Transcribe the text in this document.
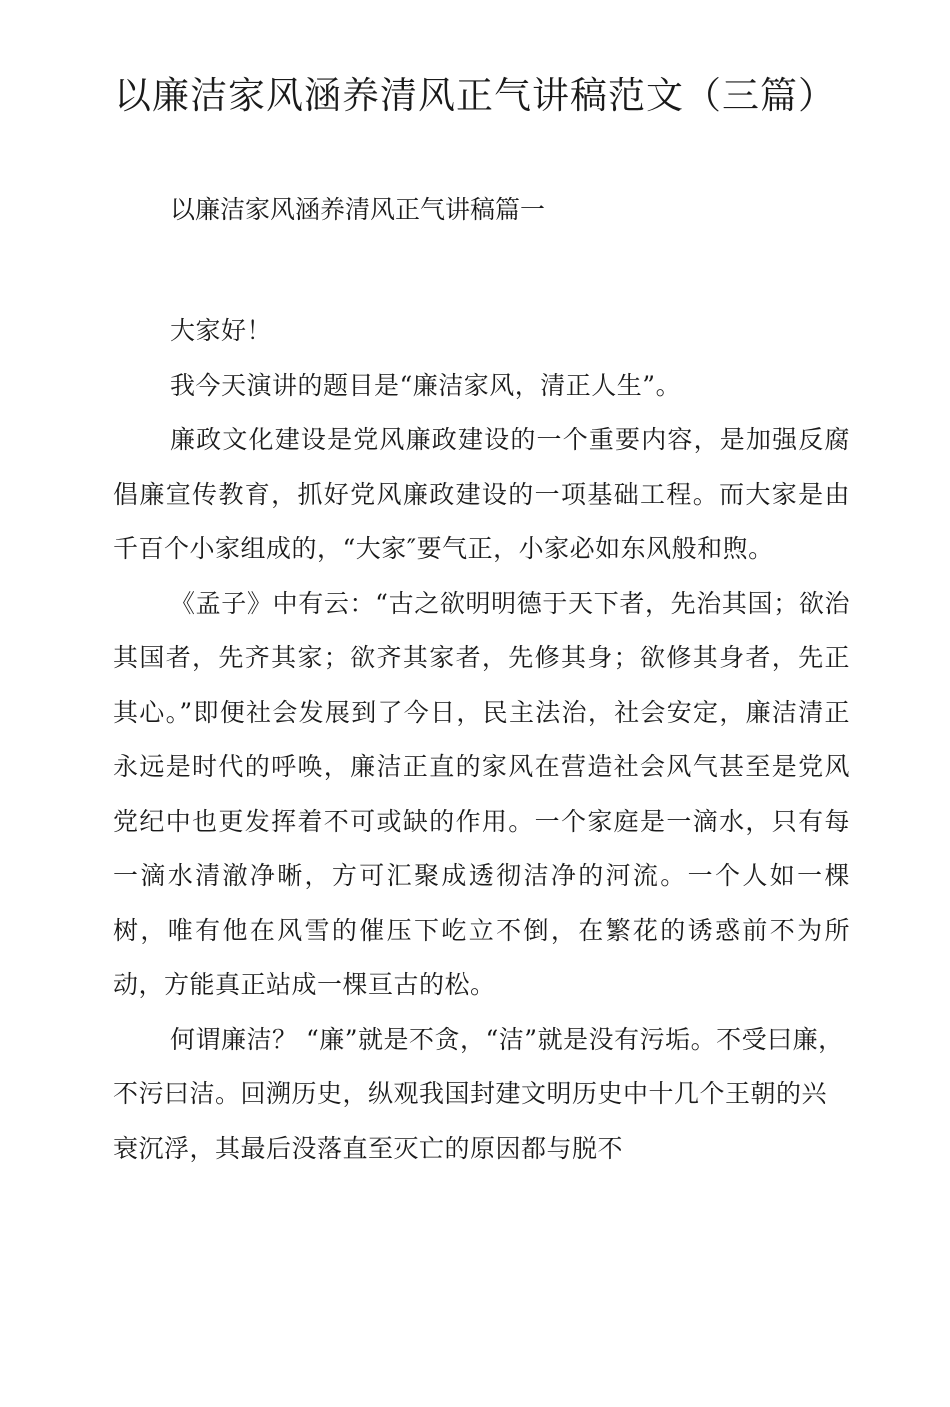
以廉洁家风涵养清风正气讲稿范文（三篇）
以廉洁家风涵养清风正气讲稿篇一

大家好！

我今天演讲的题目是“廉洁家风，清正人生”。

廉政文化建设是党风廉政建设的一个重要内容，是加强反腐倡廉宣传教育，抓好党风廉政建设的一项基础工程。而大家是由千百个小家组成的，“大家″要气正，小家必如东风般和煦。

《孟子》中有云：“古之欲明明德于天下者，先治其国；欲治其国者，先齐其家；欲齐其家者，先修其身；欲修其身者，先正其心。”即便社会发展到了今日，民主法治，社会安定，廉洁清正永远是时代的呼唤，廉洁正直的家风在营造社会风气甚至是党风党纪中也更发挥着不可或缺的作用。一个家庭是一滴水，只有每一滴水清澈净晰，方可汇聚成透彻洁净的河流。一个人如一棵树，唯有他在风雪的催压下屹立不倒，在繁花的诱惑前不为所动，方能真正站成一棵亘古的松。

何谓廉洁？ “廉”就是不贪，“洁”就是没有污垢。不受曰廉，不污曰洁。回溯历史，纵观我国封建文明历史中十几个王朝的兴衰沉浮，其最后没落直至灭亡的原因都与脱不
